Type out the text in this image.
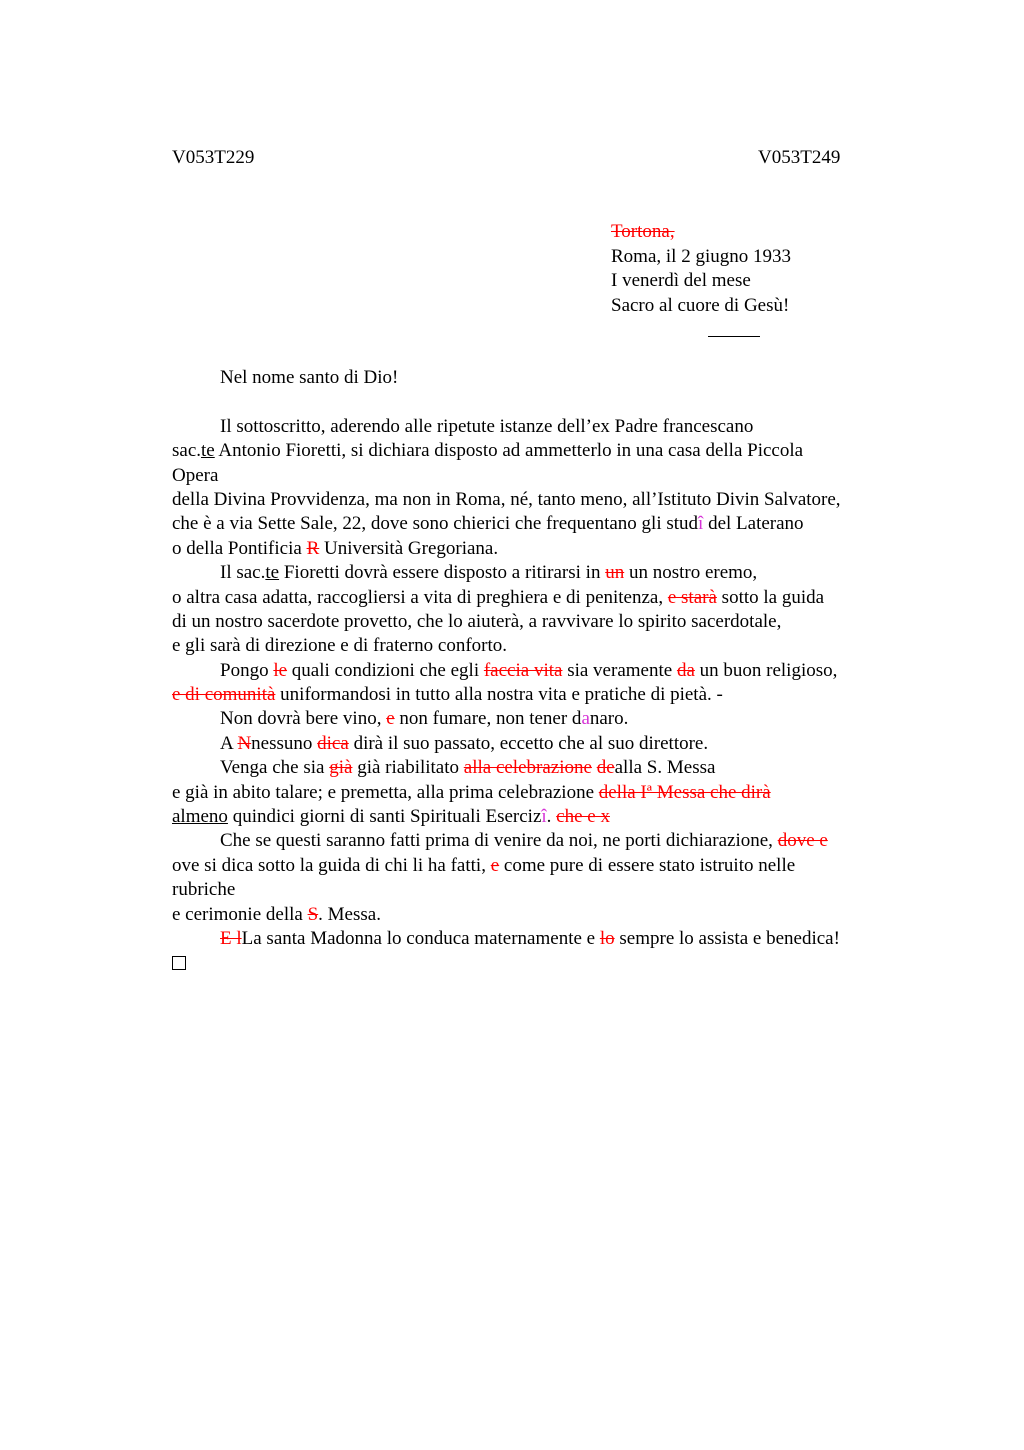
V053T229	V053T249
Tortona,
Roma, il 2 giugno 1933
I venerdì del mese
Sacro al cuore di Gesù!
Nel nome santo di Dio!
Il sottoscritto, aderendo alle ripetute istanze dell’ex Padre francescano
sac.te Antonio Fioretti, si dichiara disposto ad ammetterlo in una casa della Piccola
Opera
della Divina Provvidenza, ma non in Roma, né, tanto meno, all’Istituto Divin Salvatore,
che è a via Sette Sale, 22, dove sono chierici che frequentano gli studî del Laterano
o della Pontificia R Università Gregoriana.
Il sac.te Fioretti dovrà essere disposto a ritirarsi in un un nostro eremo,
o altra casa adatta, raccogliersi a vita di preghiera e di penitenza, e starà sotto la guida
di un nostro sacerdote provetto, che lo aiuterà, a ravvivare lo spirito sacerdotale,
e gli sarà di direzione e di fraterno conforto.
Pongo le quali condizioni che egli faccia vita sia veramente da un buon religioso,
e di comunità uniformandosi in tutto alla nostra vita e pratiche di pietà. -
Non dovrà bere vino, e non fumare, non tener danaro.
A Nnessuno dica dirà il suo passato, eccetto che al suo direttore.
Venga che sia già già riabilitato alla celebrazione dealla S. Messa
e già in abito talare; e premetta, alla prima celebrazione della Iª Messa che dirà
almeno quindici giorni di santi Spirituali Esercizî. che e x
Che se questi saranno fatti prima di venire da noi, ne porti dichiarazione, dove e
ove si dica sotto la guida di chi li ha fatti, e come pure di essere stato istruito nelle
rubriche
e cerimonie della S. Messa.
E lLa santa Madonna lo conduca maternamente e lo sempre lo assista e benedica!
